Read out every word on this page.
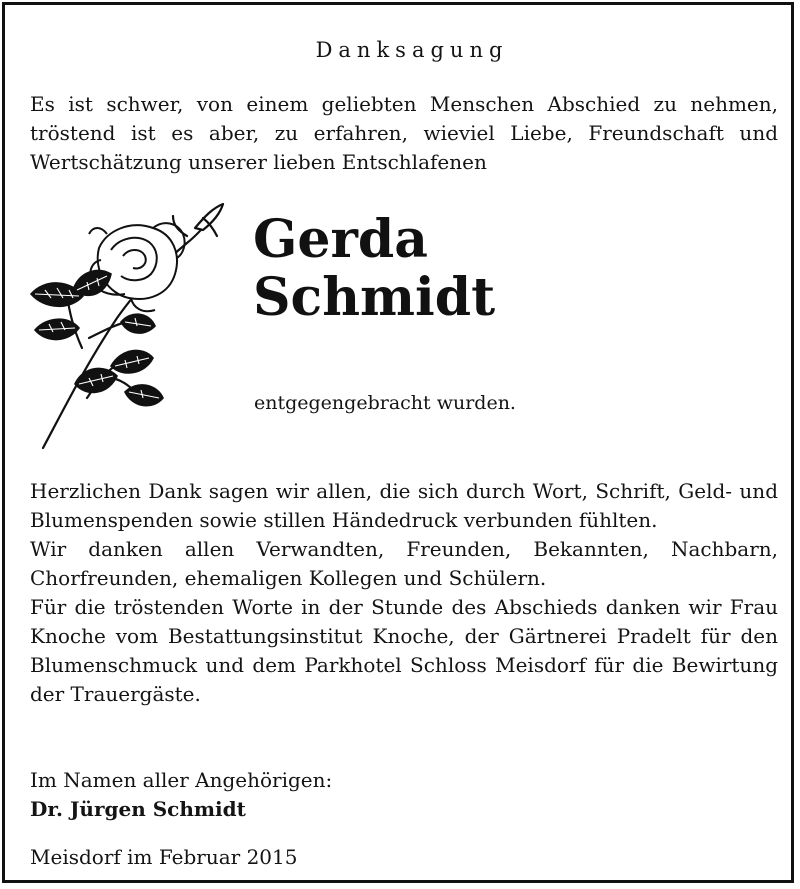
Danksagung
Es ist schwer, von einem geliebten Menschen Abschied zu nehmen, tröstend ist es aber, zu erfahren, wieviel Liebe, Freundschaft und Wertschätzung unserer lieben Entschlafenen
Gerda
Schmidt
entgegengebracht wurden.

Herzlichen Dank sagen wir allen, die sich durch Wort, Schrift, Geld- und Blumenspenden sowie stillen Händedruck verbunden fühlten.

Wir danken allen Verwandten, Freunden, Bekannten, Nachbarn, Chorfreunden, ehemaligen Kollegen und Schülern.

Für die tröstenden Worte in der Stunde des Abschieds danken wir Frau Knoche vom Bestattungsinstitut Knoche, der Gärtnerei Pradelt für den Blumenschmuck und dem Parkhotel Schloss Meisdorf für die Bewirtung der Trauergäste.

Im Namen aller Angehörigen:
Dr. Jürgen Schmidt
Meisdorf im Februar 2015
